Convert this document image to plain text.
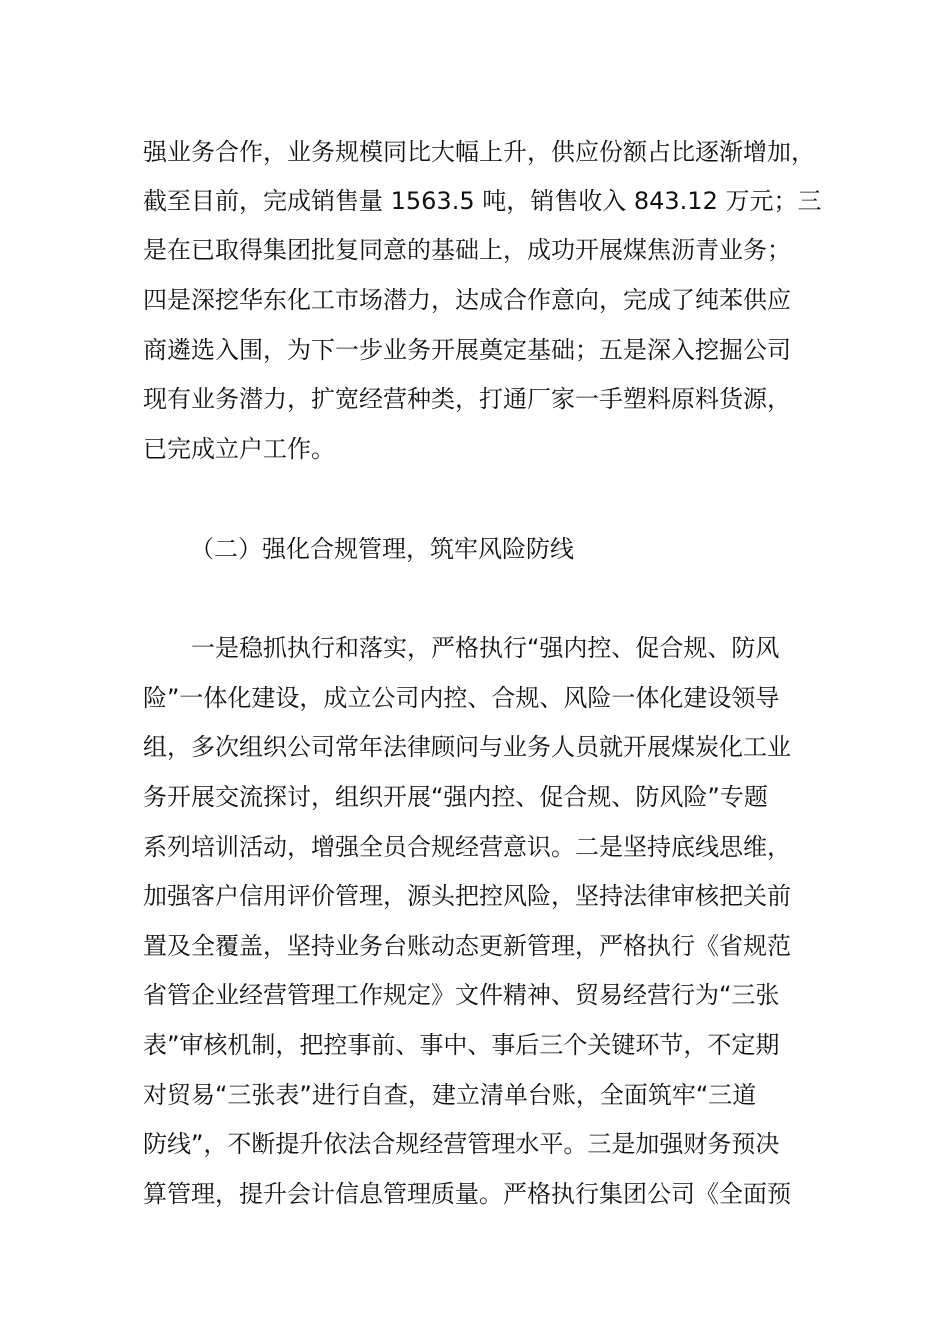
强业务合作，业务规模同比大幅上升，供应份额占比逐渐增加，
截至目前，完成销售量 1563.5 吨，销售收入 843.12 万元；三
是在已取得集团批复同意的基础上，成功开展煤焦沥青业务；
四是深挖华东化工市场潜力，达成合作意向，完成了纯苯供应
商遴选入围，为下一步业务开展奠定基础；五是深入挖掘公司
现有业务潜力，扩宽经营种类，打通厂家一手塑料原料货源，
已完成立户工作。
（二）强化合规管理，筑牢风险防线
　　一是稳抓执行和落实，严格执行“强内控、促合规、防风
险”一体化建设，成立公司内控、合规、风险一体化建设领导
组，多次组织公司常年法律顾问与业务人员就开展煤炭化工业
务开展交流探讨，组织开展“强内控、促合规、防风险”专题
系列培训活动，增强全员合规经营意识。二是坚持底线思维，
加强客户信用评价管理，源头把控风险，坚持法律审核把关前
置及全覆盖，坚持业务台账动态更新管理，严格执行《省规范
省管企业经营管理工作规定》文件精神、贸易经营行为“三张
表”审核机制，把控事前、事中、事后三个关键环节，不定期
对贸易“三张表”进行自查，建立清单台账，全面筑牢“三道
防线”，不断提升依法合规经营管理水平。三是加强财务预决
算管理，提升会计信息管理质量。严格执行集团公司《全面预
